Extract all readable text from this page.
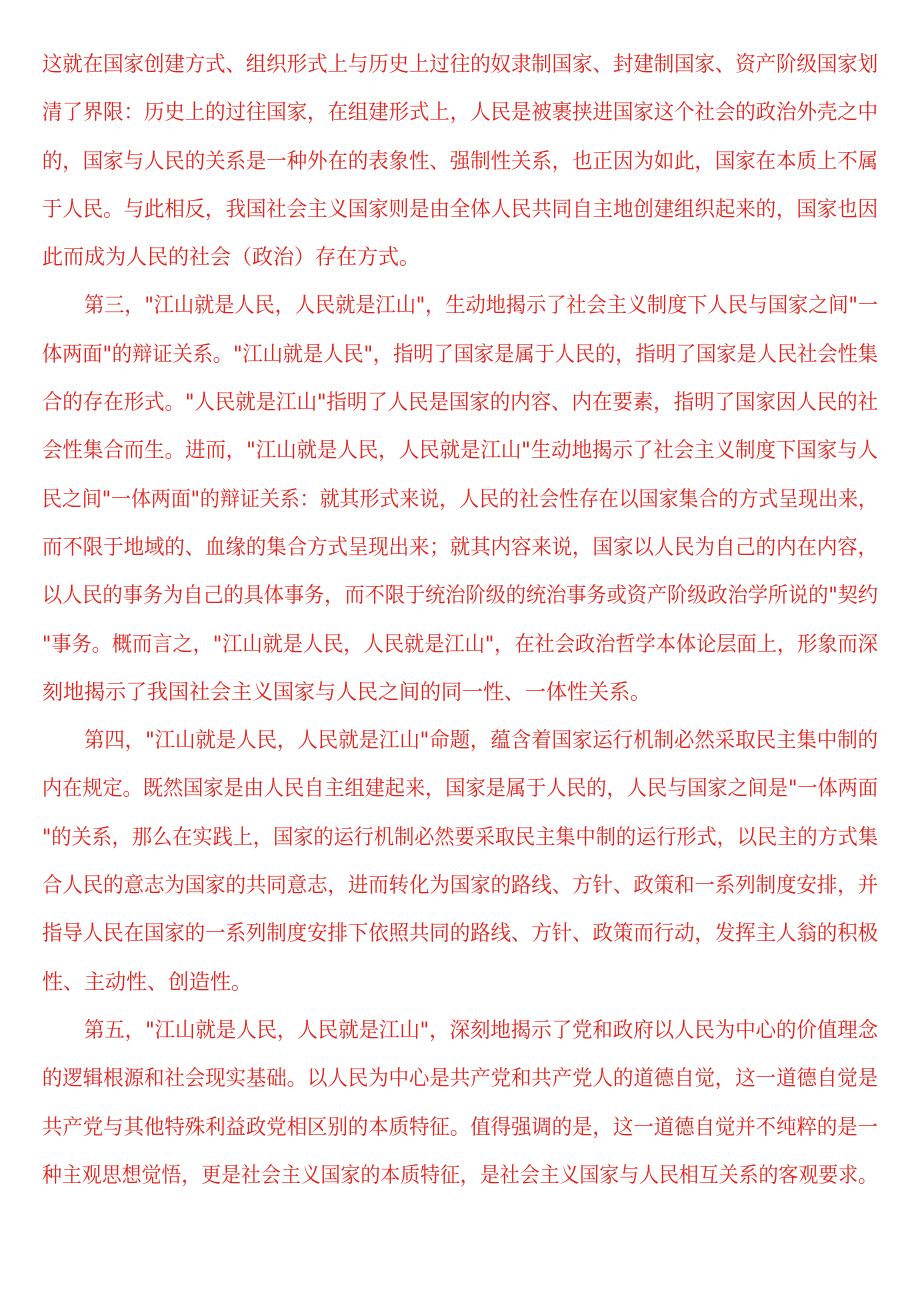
这就在国家创建方式、组织形式上与历史上过往的奴隶制国家、封建制国家、资产阶级国家划
清了界限：历史上的过往国家，在组建形式上，人民是被裹挟进国家这个社会的政治外壳之中
的，国家与人民的关系是一种外在的表象性、强制性关系，也正因为如此，国家在本质上不属
于人民。与此相反，我国社会主义国家则是由全体人民共同自主地创建组织起来的，国家也因
此而成为人民的社会（政治）存在方式。
第三，"江山就是人民，人民就是江山"，生动地揭示了社会主义制度下人民与国家之间"一
体两面"的辩证关系。"江山就是人民"，指明了国家是属于人民的，指明了国家是人民社会性集
合的存在形式。"人民就是江山"指明了人民是国家的内容、内在要素，指明了国家因人民的社
会性集合而生。进而，"江山就是人民，人民就是江山"生动地揭示了社会主义制度下国家与人
民之间"一体两面"的辩证关系：就其形式来说，人民的社会性存在以国家集合的方式呈现出来，
而不限于地域的、血缘的集合方式呈现出来；就其内容来说，国家以人民为自己的内在内容，
以人民的事务为自己的具体事务，而不限于统治阶级的统治事务或资产阶级政治学所说的"契约
"事务。概而言之，"江山就是人民，人民就是江山"，在社会政治哲学本体论层面上，形象而深
刻地揭示了我国社会主义国家与人民之间的同一性、一体性关系。
第四，"江山就是人民，人民就是江山"命题，蕴含着国家运行机制必然采取民主集中制的
内在规定。既然国家是由人民自主组建起来，国家是属于人民的，人民与国家之间是"一体两面
"的关系，那么在实践上，国家的运行机制必然要采取民主集中制的运行形式，以民主的方式集
合人民的意志为国家的共同意志，进而转化为国家的路线、方针、政策和一系列制度安排，并
指导人民在国家的一系列制度安排下依照共同的路线、方针、政策而行动，发挥主人翁的积极
性、主动性、创造性。
第五，"江山就是人民，人民就是江山"，深刻地揭示了党和政府以人民为中心的价值理念
的逻辑根源和社会现实基础。以人民为中心是共产党和共产党人的道德自觉，这一道德自觉是
共产党与其他特殊利益政党相区别的本质特征。值得强调的是，这一道德自觉并不纯粹的是一
种主观思想觉悟，更是社会主义国家的本质特征，是社会主义国家与人民相互关系的客观要求。
